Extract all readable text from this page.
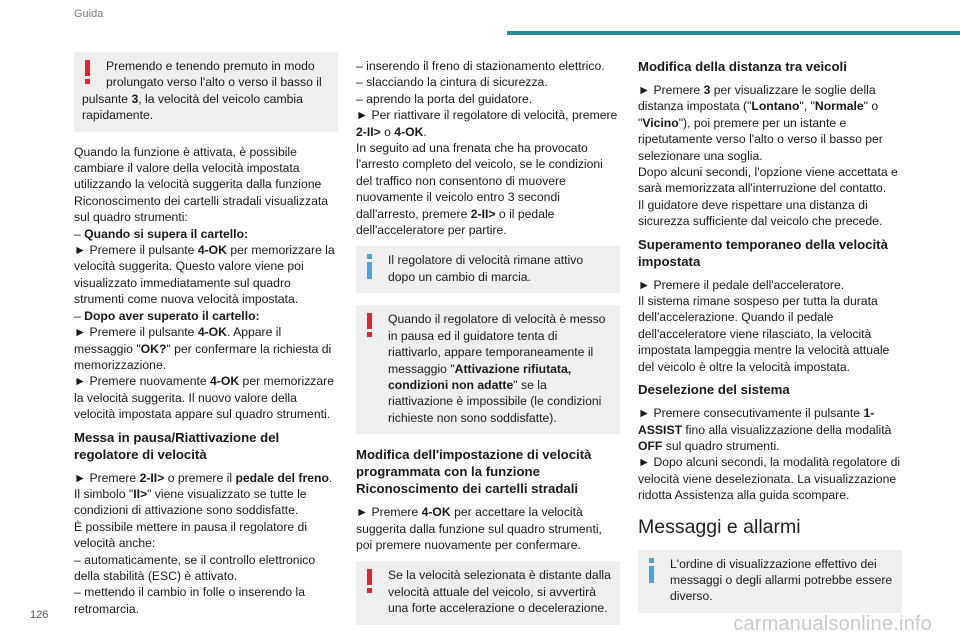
Guida
Premendo e tenendo premuto in modo prolungato verso l'alto o verso il basso il
pulsante 3, la velocità del veicolo cambia rapidamente.

Quando la funzione è attivata, è possibile cambiare il valore della velocità impostata utilizzando la velocità suggerita dalla funzione Riconoscimento dei cartelli stradali visualizzata sul quadro strumenti:

– Quando si supera il cartello:

► Premere il pulsante 4-OK per memorizzare la velocità suggerita. Questo valore viene poi visualizzato immediatamente sul quadro strumenti come nuova velocità impostata.

– Dopo aver superato il cartello:

► Premere il pulsante 4-OK. Appare il messaggio "OK?" per confermare la richiesta di memorizzazione.

► Premere nuovamente 4-OK per memorizzare la velocità suggerita. Il nuovo valore della velocità impostata appare sul quadro strumenti.

Messa in pausa/Riattivazione del regolatore di velocità

► Premere 2-II> o premere il pedale del freno.

Il simbolo "II>" viene visualizzato se tutte le condizioni di attivazione sono soddisfatte.

È possibile mettere in pausa il regolatore di velocità anche:

– automaticamente, se il controllo elettronico della stabilità (ESC) è attivato.

– mettendo il cambio in folle o inserendo la retromarcia.

– inserendo il freno di stazionamento elettrico.

– slacciando la cintura di sicurezza.

– aprendo la porta del guidatore.

► Per riattivare il regolatore di velocità, premere
2-II> o 4-OK.

In seguito ad una frenata che ha provocato l'arresto completo del veicolo, se le condizioni del traffico non consentono di muovere nuovamente il veicolo entro 3 secondi dall'arresto, premere 2-II> o il pedale dell'acceleratore per partire.

Il regolatore di velocità rimane attivo dopo un cambio di marcia.
Quando il regolatore di velocità è messo in pausa ed il guidatore tenta di riattivarlo, appare temporaneamente il messaggio "Attivazione rifiutata, condizioni non adatte" se la riattivazione è impossibile (le condizioni richieste non sono soddisfatte).
Modifica dell'impostazione di velocità programmata con la funzione Riconoscimento dei cartelli stradali

► Premere 4-OK per accettare la velocità suggerita dalla funzione sul quadro strumenti, poi premere nuovamente per confermare.

Se la velocità selezionata è distante dalla velocità attuale del veicolo, si avvertirà una forte accelerazione o decelerazione.
Modifica della distanza tra veicoli

► Premere 3 per visualizzare le soglie della distanza impostata ("Lontano", "Normale" o "Vicino"), poi premere per un istante e ripetutamente verso l'alto o verso il basso per selezionare una soglia.

Dopo alcuni secondi, l'opzione viene accettata e sarà memorizzata all'interruzione del contatto.

Il guidatore deve rispettare una distanza di sicurezza sufficiente dal veicolo che precede.

Superamento temporaneo della velocità impostata

► Premere il pedale dell'acceleratore.

Il sistema rimane sospeso per tutta la durata dell'accelerazione. Quando il pedale dell'acceleratore viene rilasciato, la velocità impostata lampeggia mentre la velocità attuale del veicolo è oltre la velocità impostata.

Deselezione del sistema

► Premere consecutivamente il pulsante 1-ASSIST fino alla visualizzazione della modalità OFF sul quadro strumenti.

► Dopo alcuni secondi, la modalità regolatore di velocità viene deselezionata. La visualizzazione ridotta Assistenza alla guida scompare.

Messaggi e allarmi
L'ordine di visualizzazione effettivo dei messaggi o degli allarmi potrebbe essere diverso.
126	carmanualsonline.info
